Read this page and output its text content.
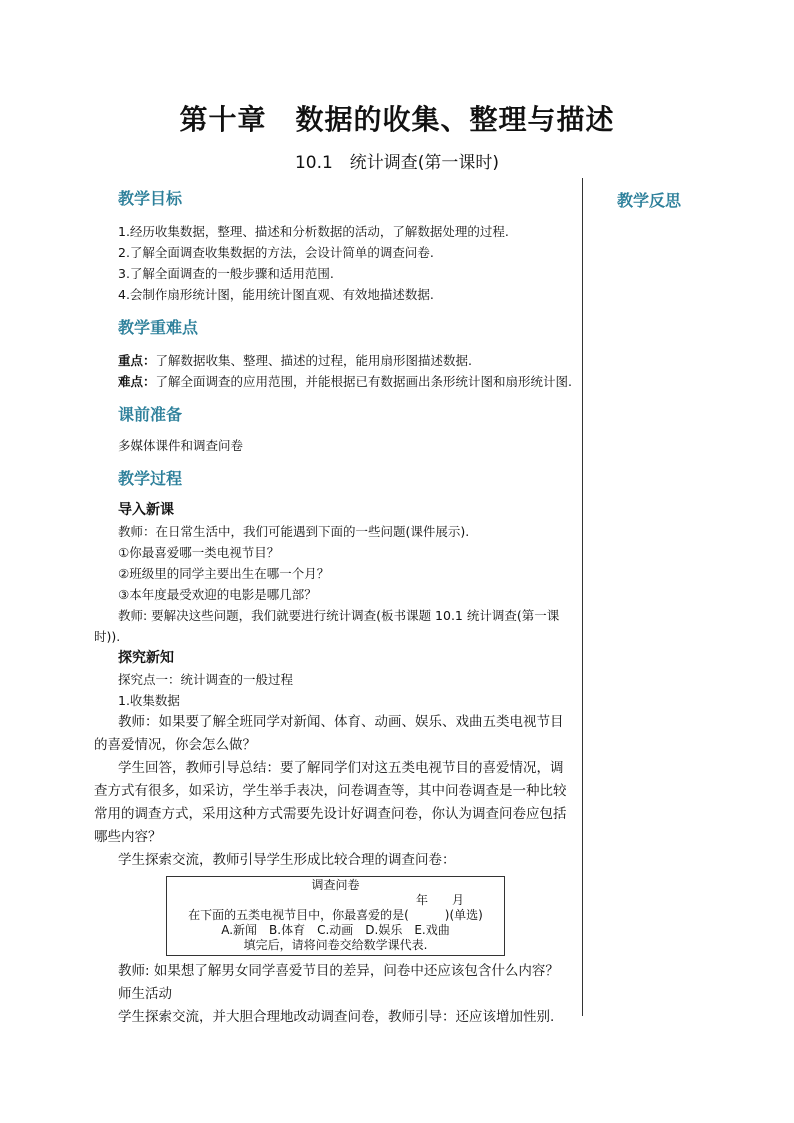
第十章　数据的收集、整理与描述
10.1　统计调查(第一课时)
教学反思

教学目标

1.经历收集数据，整理、描述和分析数据的活动，了解数据处理的过程.

2.了解全面调查收集数据的方法，会设计简单的调查问卷.

3.了解全面调查的一般步骤和适用范围.

4.会制作扇形统计图，能用统计图直观、有效地描述数据.

教学重难点

重点：了解数据收集、整理、描述的过程，能用扇形图描述数据.

难点：了解全面调查的应用范围，并能根据已有数据画出条形统计图和扇形统计图.

课前准备

多媒体课件和调查问卷

教学过程

导入新课

教师：在日常生活中，我们可能遇到下面的一些问题(课件展示).

①你最喜爱哪一类电视节目？

②班级里的同学主要出生在哪一个月？

③本年度最受欢迎的电影是哪几部？

教师: 要解决这些问题，我们就要进行统计调查(板书课题 10.1 统计调查(第一课时)).

探究新知

探究点一：统计调查的一般过程

1.收集数据

教师：如果要了解全班同学对新闻、体育、动画、娱乐、戏曲五类电视节目的喜爱情况，你会怎么做？

学生回答，教师引导总结：要了解同学们对这五类电视节目的喜爱情况，调查方式有很多，如采访，学生举手表决，问卷调查等，其中问卷调查是一种比较常用的调查方式，采用这种方式需要先设计好调查问卷，你认为调查问卷应包括哪些内容？

学生探索交流，教师引导学生形成比较合理的调查问卷：

调查问卷
年　　月
在下面的五类电视节目中，你最喜爱的是(　　　)(单选)
A.新闻　B.体育　C.动画　D.娱乐　E.戏曲
填完后，请将问卷交给数学课代表.

教师: 如果想了解男女同学喜爱节目的差异，问卷中还应该包含什么内容？

师生活动

学生探索交流，并大胆合理地改动调查问卷，教师引导：还应该增加性别.
